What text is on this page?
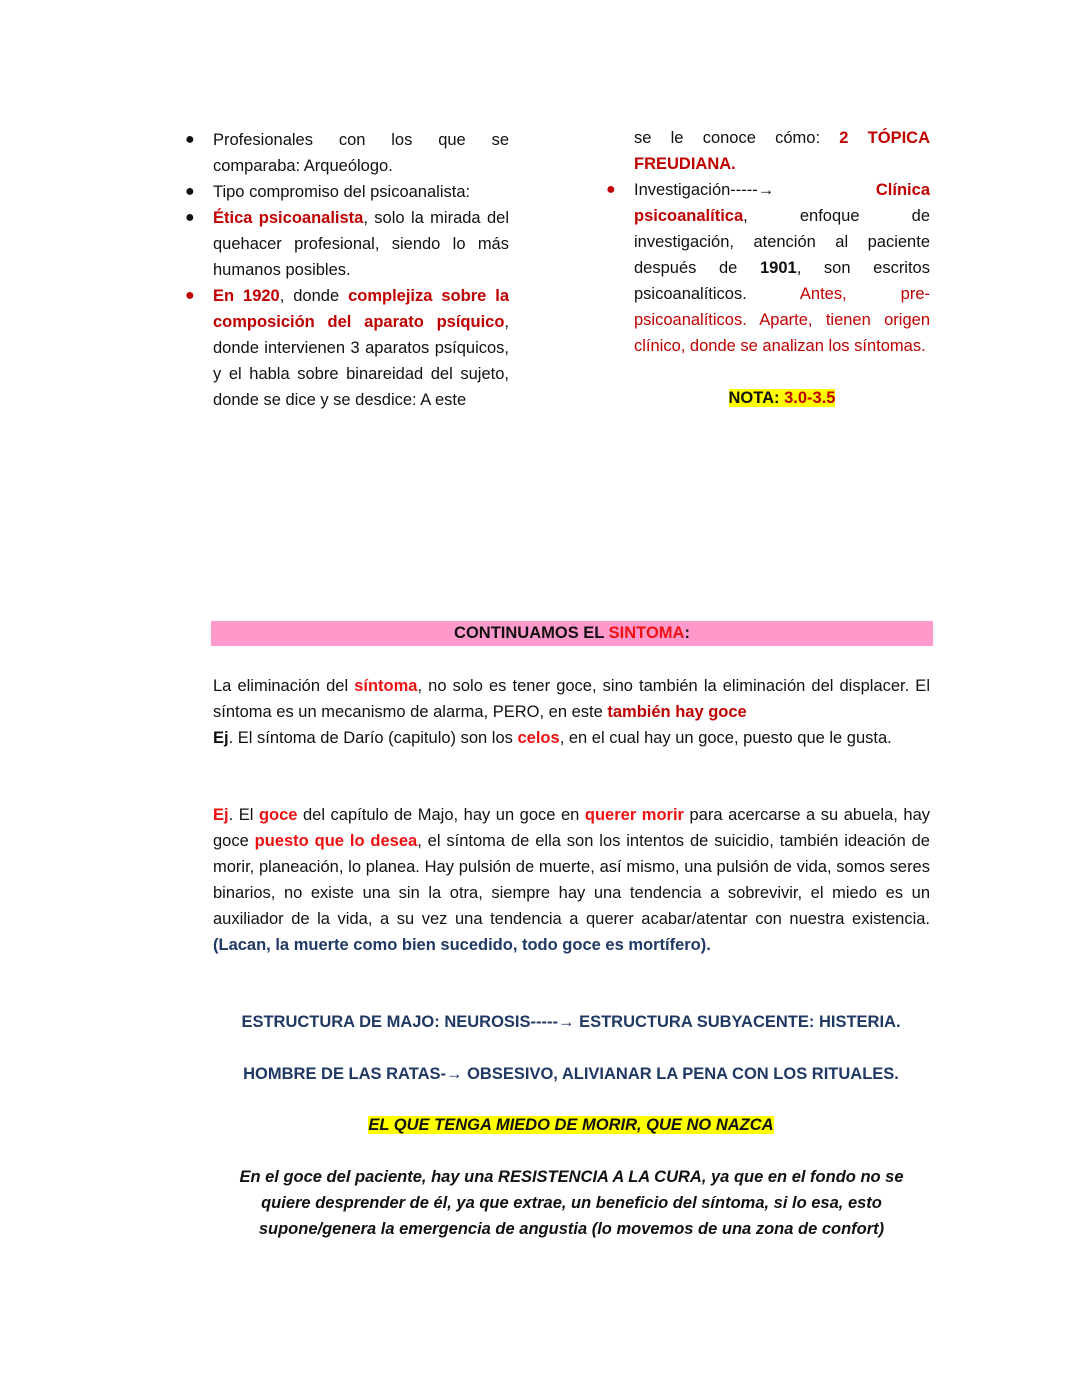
● Profesionales con los que se comparaba: Arqueólogo.
● Tipo compromiso del psicoanalista:
● Ética psicoanalista, solo la mirada del quehacer profesional, siendo lo más humanos posibles.
● En 1920, donde complejiza sobre la composición del aparato psíquico, donde intervienen 3 aparatos psíquicos, y el habla sobre binareidad del sujeto, donde se dice y se desdice: A este
se le conoce cómo: 2 TÓPICA FREUDIANA.
● Investigación-----→ Clínica psicoanalítica, enfoque de investigación, atención al paciente después de 1901, son escritos psicoanalíticos. Antes, pre-psicoanalíticos. Aparte, tienen origen clínico, donde se analizan los síntomas.
NOTA: 3.0-3.5
CONTINUAMOS EL SINTOMA:
La eliminación del síntoma, no solo es tener goce, sino también la eliminación del displacer. El síntoma es un mecanismo de alarma, PERO, en este también hay goce
Ej. El síntoma de Darío (capitulo) son los celos, en el cual hay un goce, puesto que le gusta.
Ej. El goce del capítulo de Majo, hay un goce en querer morir para acercarse a su abuela, hay goce puesto que lo desea, el síntoma de ella son los intentos de suicidio, también ideación de morir, planeación, lo planea. Hay pulsión de muerte, así mismo, una pulsión de vida, somos seres binarios, no existe una sin la otra, siempre hay una tendencia a sobrevivir, el miedo es un auxiliador de la vida, a su vez una tendencia a querer acabar/atentar con nuestra existencia. (Lacan, la muerte como bien sucedido, todo goce es mortífero).
ESTRUCTURA DE MAJO: NEUROSIS-----→ ESTRUCTURA SUBYACENTE: HISTERIA.
HOMBRE DE LAS RATAS-→ OBSESIVO, ALIVIANAR LA PENA CON LOS RITUALES.
EL QUE TENGA MIEDO DE MORIR, QUE NO NAZCA
En el goce del paciente, hay una RESISTENCIA A LA CURA, ya que en el fondo no se quiere desprender de él, ya que extrae, un beneficio del síntoma, si lo esa, esto supone/genera la emergencia de angustia (lo movemos de una zona de confort)
